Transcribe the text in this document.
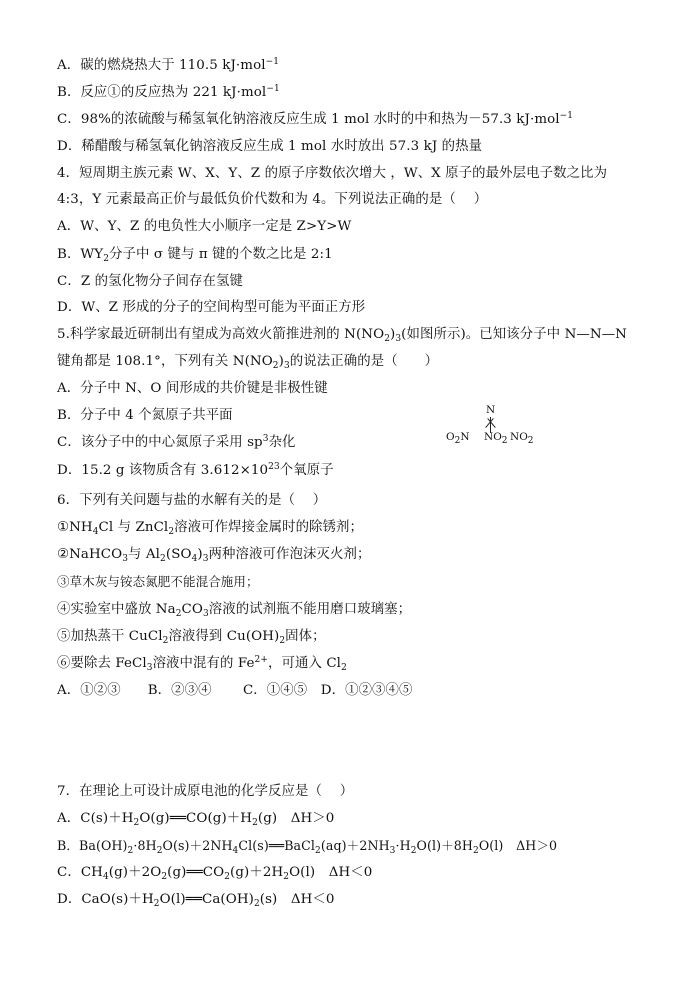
A．碳的燃烧热大于 110.5 kJ·mol$^{-1}$
B．反应①的反应热为 221 kJ·mol$^{-1}$
C．98%的浓硫酸与稀氢氧化钠溶液反应生成 1 mol 水时的中和热为－57.3 kJ·mol$^{-1}$
D．稀醋酸与稀氢氧化钠溶液反应生成 1 mol 水时放出 57.3 kJ 的热量
4．短周期主族元素 W、X、Y、Z 的原子序数依次增大 ，W、X 原子的最外层电子数之比为
4:3，Y 元素最高正价与最低负价代数和为 4。下列说法正确的是（　 ）
A．W、Y、Z 的电负性大小顺序一定是 Z>Y>W
B．$WY_2$分子中 σ 键与 π 键的个数之比是 2:1
C．Z 的氢化物分子间存在氢键
D．W、Z 形成的分子的空间构型可能为平面正方形
5.科学家最近研制出有望成为高效火箭推进剂的 $N(NO_2)_3$(如图所示)。已知该分子中 N—N—N
键角都是 108.1°，下列有关 $N(NO_2)_3$的说法正确的是（　　）
A．分子中 N、O 间形成的共价键是非极性键
B．分子中 4 个氮原子共平面
C．该分子中的中心氮原子采用 $sp^3$杂化
D．15.2 g 该物质含有 $3.612\times 10^{23}$个氧原子
N
$O_2N$ $NO_2$ $NO_2$
6．下列有关问题与盐的水解有关的是（　 ）
$①NH_4Cl$ 与 ZnCl$_2$溶液可作焊接金属时的除锈剂；
②NaHCO$_3$与 $Al_2(SO_4)_3$两种溶液可作泡沫灭火剂；
③草木灰与铵态氮肥不能混合施用；
④实验室中盛放 $Na_2CO_3$溶液的试剂瓶不能用磨口玻璃塞；
⑤加热蒸干 CuCl$_2$溶液得到 $Cu(OH)_2$固体；
⑥要除去 FeCl$_3$溶液中混有的 $Fe^{2+}$，可通入 $Cl_2$
A．①②③　　B．②③④　　 C．①④⑤　D．①②③④⑤
7．在理论上可设计成原电池的化学反应是（　 ）
A．$C(s)+H_2O(g)══CO(g)+H_2(g)$　ΔH＞0
B．$Ba(OH)_2\cdot 8H_2O(s)+2NH_4Cl(s)══BaCl_2(aq)+2NH_3\cdot H_2O(l)+8H_2O(l)$　ΔH＞0
C．$CH_4(g)+2O_2(g)══CO_2(g)+2H_2O(l)$　ΔH＜0
D．$CaO(s)+H_2O(l)══Ca(OH)_2(s)$　ΔH＜0
